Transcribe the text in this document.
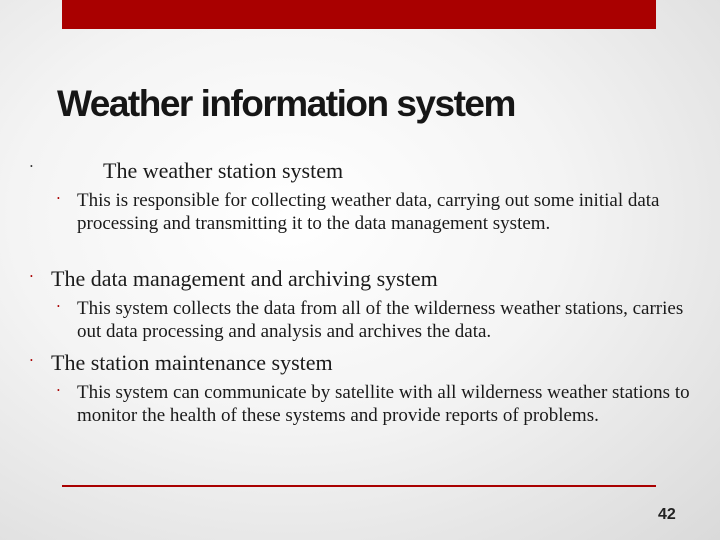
Weather information system
•	The weather station system
• This is responsible for collecting weather data, carrying out some initial data processing and transmitting it to the data management system.
• The data management and archiving system
• This system collects the data from all of the wilderness weather stations, carries out data processing and analysis and archives the data.
• The station maintenance system
• This system can communicate by satellite with all wilderness weather stations to monitor the health of these systems and provide reports of problems.
42
